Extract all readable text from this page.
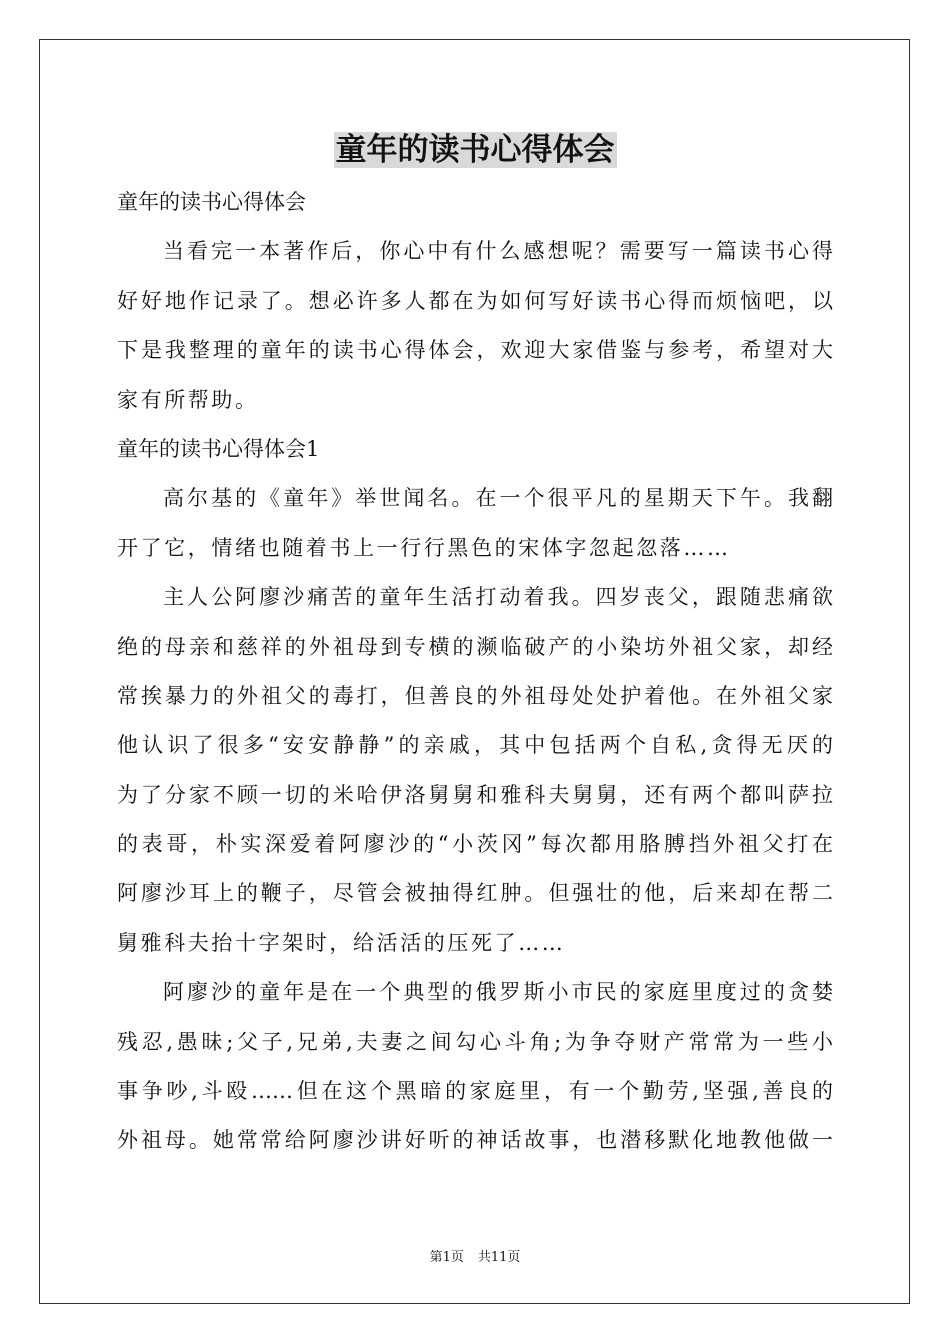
童年的读书心得体会

童年的读书心得体会

当看完一本著作后，你心中有什么感想呢？需要写一篇读书心得

好好地作记录了。想必许多人都在为如何写好读书心得而烦恼吧，以

下是我整理的童年的读书心得体会，欢迎大家借鉴与参考，希望对大

家有所帮助。

童年的读书心得体会1

高尔基的《童年》举世闻名。在一个很平凡的星期天下午。我翻

开了它，情绪也随着书上一行行黑色的宋体字忽起忽落……

主人公阿廖沙痛苦的童年生活打动着我。四岁丧父，跟随悲痛欲

绝的母亲和慈祥的外祖母到专横的濒临破产的小染坊外祖父家，却经

常挨暴力的外祖父的毒打，但善良的外祖母处处护着他。在外祖父家

他认识了很多“安安静静”的亲戚，其中包括两个自私,贪得无厌的

为了分家不顾一切的米哈伊洛舅舅和雅科夫舅舅，还有两个都叫萨拉

的表哥，朴实深爱着阿廖沙的“小茨冈”每次都用胳膊挡外祖父打在

阿廖沙耳上的鞭子，尽管会被抽得红肿。但强壮的他，后来却在帮二

舅雅科夫抬十字架时，给活活的压死了……

阿廖沙的童年是在一个典型的俄罗斯小市民的家庭里度过的贪婪

残忍,愚昧;父子,兄弟,夫妻之间勾心斗角;为争夺财产常常为一些小

事争吵,斗殴……但在这个黑暗的家庭里，有一个勤劳,坚强,善良的

外祖母。她常常给阿廖沙讲好听的神话故事，也潜移默化地教他做一

第1页 共11页
